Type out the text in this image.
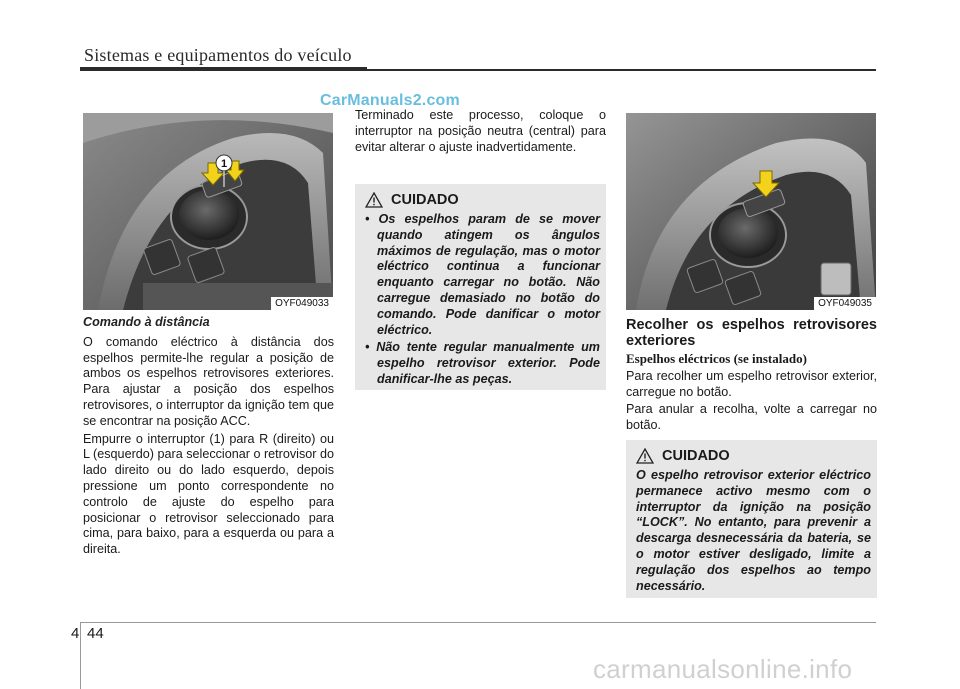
Sistemas e equipamentos do veículo
CarManuals2.com
1
OYF049033

Comando à distância

O comando eléctrico à distância dos espelhos permite-lhe regular a posição de ambos os espelhos retrovisores exteriores. Para ajustar a posição dos espelhos retrovisores, o interruptor da ignição tem que se encontrar na posição ACC.

Empurre o interruptor (1) para R (direito) ou L (esquerdo) para seleccionar o retrovisor do lado direito ou do lado esquerdo, depois pressione um ponto correspondente no controlo de ajuste do espelho para posicionar o retrovisor seleccionado para cima, para baixo, para a esquerda ou para a direita.

Terminado este processo, coloque o interruptor na posição neutra (central) para evitar alterar o ajuste inadvertidamente.

CUIDADO
• Os espelhos param de se mover quando atingem os ângulos máximos de regulação, mas o motor eléctrico continua a funcionar enquanto carregar no botão. Não carregue demasiado no botão do comando. Pode danificar o motor eléctrico.
• Não tente regular manualmente um espelho retrovisor exterior. Pode danificar-lhe as peças.
OYF049035

Recolher os espelhos retrovisores exteriores

Espelhos eléctricos (se instalado)

Para recolher um espelho retrovisor exterior, carregue no botão.

Para anular a recolha, volte a carregar no botão.

CUIDADO

O espelho retrovisor exterior eléctrico permanece activo mesmo com o interruptor da ignição na posição “LOCK”. No entanto, para prevenir a descarga desnecessária da bateria, se o motor estiver desligado, limite a regulação dos espelhos ao tempo necessário.

4 44
carmanualsonline.info
